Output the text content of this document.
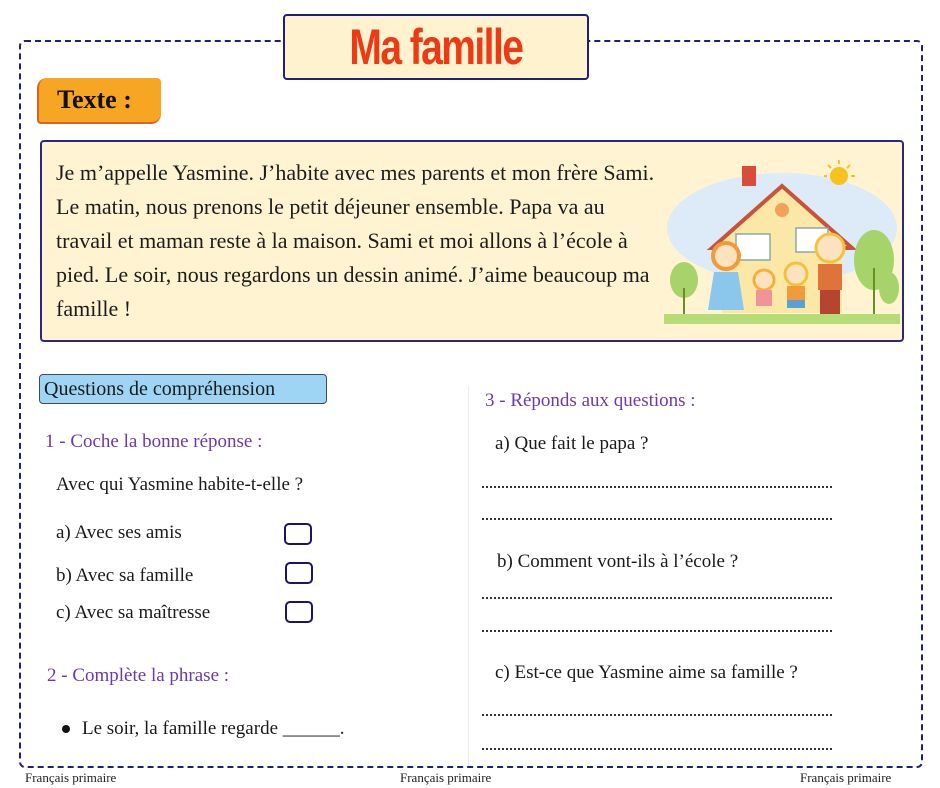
Ma famille
Texte :

Je m’appelle Yasmine. J’habite avec mes parents et mon frère Sami. Le matin, nous prenons le petit déjeuner ensemble. Papa va au travail et maman reste à la maison. Sami et moi allons à l’école à pied. Le soir, nous regardons un dessin animé. J’aime beaucoup ma famille !

Questions de compréhension
1 - Coche la bonne réponse :
Avec qui Yasmine habite-t-elle ?
a) Avec ses amis
b) Avec sa famille
c) Avec sa maîtresse
2 - Complète la phrase :
Le soir, la famille regarde ______.
3 - Réponds aux questions :
a) Que fait le papa ?
b) Comment vont-ils à l’école ?
c) Est-ce que Yasmine aime sa famille ?
Français primaire	Français primaire	Français primaire
